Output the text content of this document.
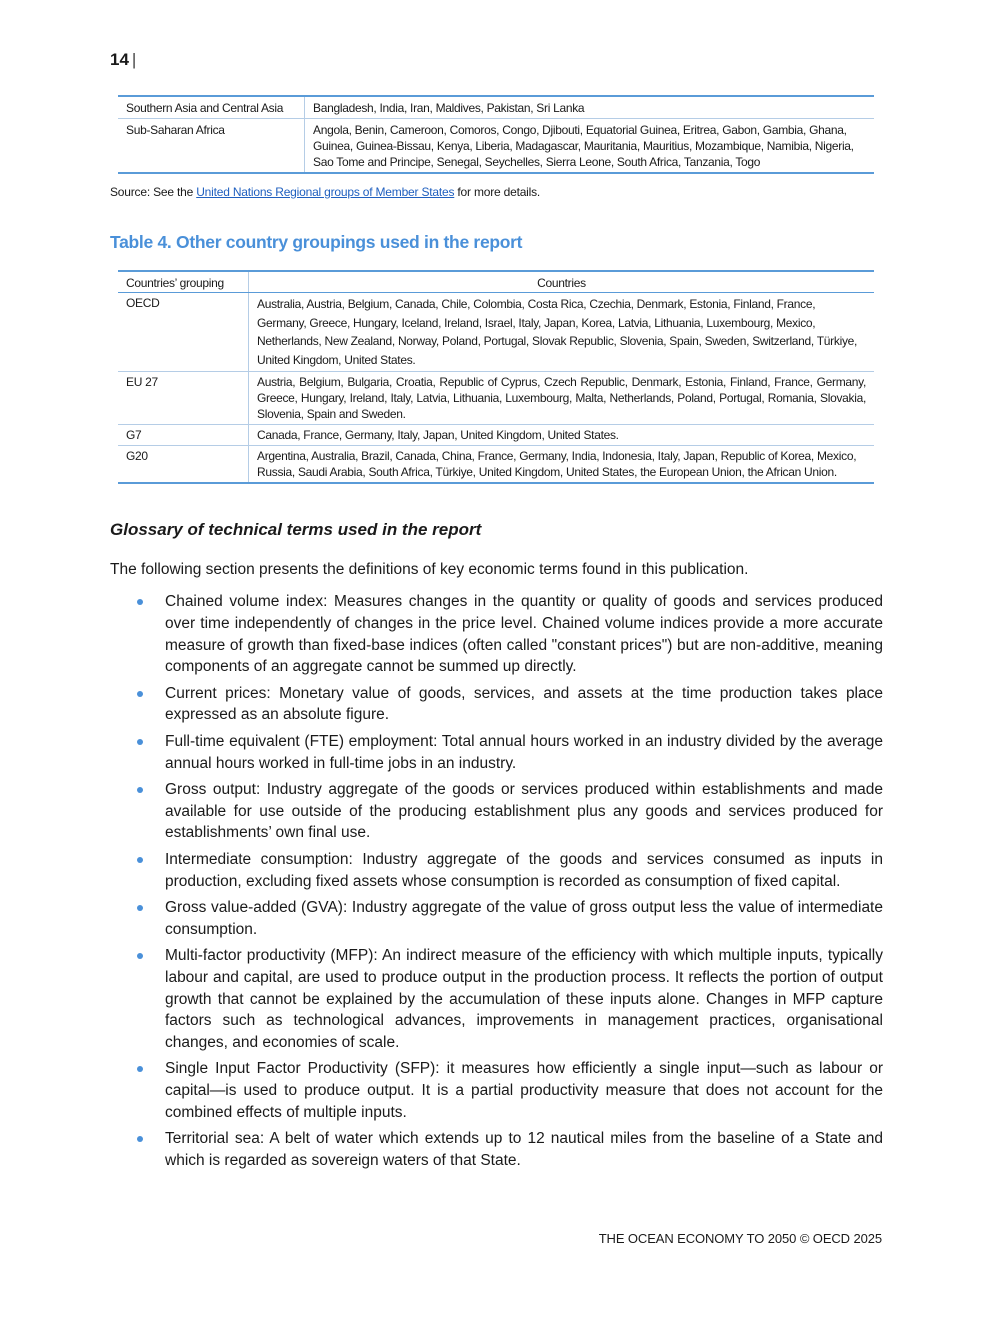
14 |
Southern Asia and Central Asia	Bangladesh, India, Iran, Maldives, Pakistan, Sri Lanka
Sub-Saharan Africa	Angola, Benin, Cameroon, Comoros, Congo, Djibouti, Equatorial Guinea, Eritrea, Gabon, Gambia, Ghana, Guinea, Guinea-Bissau, Kenya, Liberia, Madagascar, Mauritania, Mauritius, Mozambique, Namibia, Nigeria, Sao Tome and Principe, Senegal, Seychelles, Sierra Leone, South Africa, Tanzania, Togo
Source: See the United Nations Regional groups of Member States for more details.
Table 4. Other country groupings used in the report
Countries’ grouping	Countries
OECD	Australia, Austria, Belgium, Canada, Chile, Colombia, Costa Rica, Czechia, Denmark, Estonia, Finland, France, Germany, Greece, Hungary, Iceland, Ireland, Israel, Italy, Japan, Korea, Latvia, Lithuania, Luxembourg, Mexico, Netherlands, New Zealand, Norway, Poland, Portugal, Slovak Republic, Slovenia, Spain, Sweden, Switzerland, Türkiye, United Kingdom, United States.
EU 27	Austria, Belgium, Bulgaria, Croatia, Republic of Cyprus, Czech Republic, Denmark, Estonia, Finland, France, Germany, Greece, Hungary, Ireland, Italy, Latvia, Lithuania, Luxembourg, Malta, Netherlands, Poland, Portugal, Romania, Slovakia, Slovenia, Spain and Sweden.
G7	Canada, France, Germany, Italy, Japan, United Kingdom, United States.
G20	Argentina, Australia, Brazil, Canada, China, France, Germany, India, Indonesia, Italy, Japan, Republic of Korea, Mexico, Russia, Saudi Arabia, South Africa, Türkiye, United Kingdom, United States, the European Union, the African Union.
Glossary of technical terms used in the report
The following section presents the definitions of key economic terms found in this publication.
Chained volume index: Measures changes in the quantity or quality of goods and services produced over time independently of changes in the price level. Chained volume indices provide a more accurate measure of growth than fixed-base indices (often called "constant prices") but are non-additive, meaning components of an aggregate cannot be summed up directly.
Current prices: Monetary value of goods, services, and assets at the time production takes place expressed as an absolute figure.
Full-time equivalent (FTE) employment: Total annual hours worked in an industry divided by the average annual hours worked in full-time jobs in an industry.
Gross output: Industry aggregate of the goods or services produced within establishments and made available for use outside of the producing establishment plus any goods and services produced for establishments’ own final use.
Intermediate consumption: Industry aggregate of the goods and services consumed as inputs in production, excluding fixed assets whose consumption is recorded as consumption of fixed capital.
Gross value-added (GVA): Industry aggregate of the value of gross output less the value of intermediate consumption.
Multi-factor productivity (MFP): An indirect measure of the efficiency with which multiple inputs, typically labour and capital, are used to produce output in the production process. It reflects the portion of output growth that cannot be explained by the accumulation of these inputs alone. Changes in MFP capture factors such as technological advances, improvements in management practices, organisational changes, and economies of scale.
Single Input Factor Productivity (SFP): it measures how efficiently a single input—such as labour or capital—is used to produce output. It is a partial productivity measure that does not account for the combined effects of multiple inputs.
Territorial sea: A belt of water which extends up to 12 nautical miles from the baseline of a State and which is regarded as sovereign waters of that State.
THE OCEAN ECONOMY TO 2050 © OECD 2025
